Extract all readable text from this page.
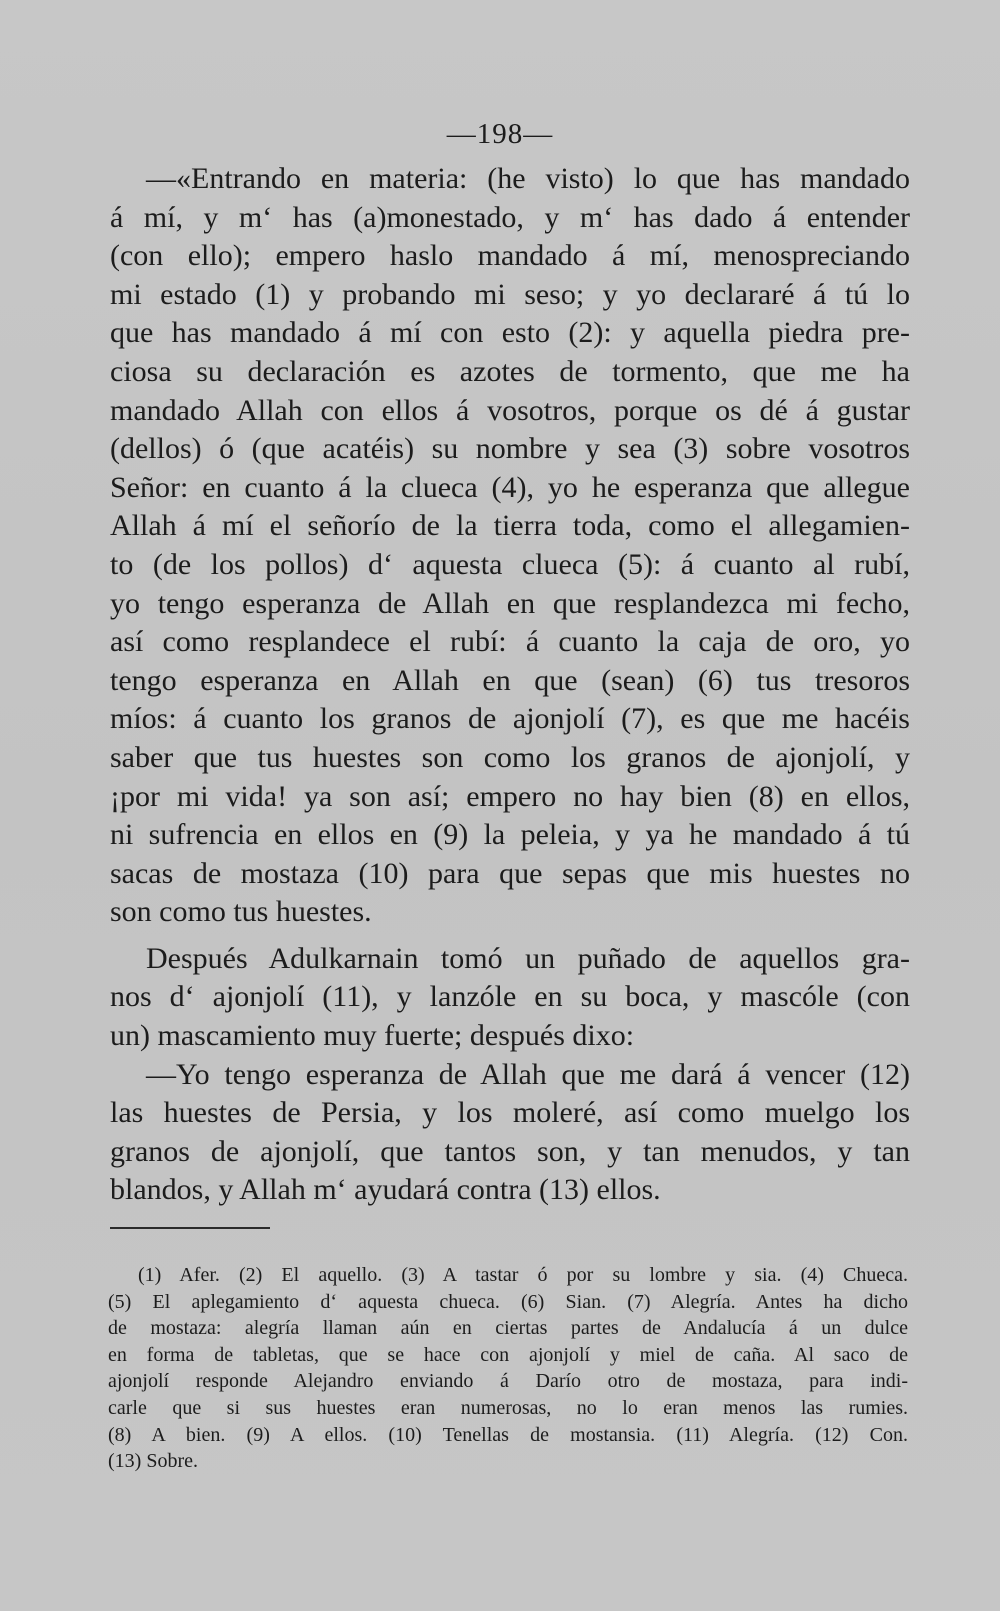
—198—
—«Entrando en materia: (he visto) lo que has mandado
á mí, y m‘ has (a)monestado, y m‘ has dado á entender
(con ello); empero haslo mandado á mí, menospreciando
mi estado (1) y probando mi seso; y yo declararé á tú lo
que has mandado á mí con esto (2): y aquella piedra pre-
ciosa su declaración es azotes de tormento, que me ha
mandado Allah con ellos á vosotros, porque os dé á gustar
(dellos) ó (que acatéis) su nombre y sea (3) sobre vosotros
Señor: en cuanto á la clueca (4), yo he esperanza que allegue
Allah á mí el señorío de la tierra toda, como el allegamien-
to (de los pollos) d‘ aquesta clueca (5): á cuanto al rubí,
yo tengo esperanza de Allah en que resplandezca mi fecho,
así como resplandece el rubí: á cuanto la caja de oro, yo
tengo esperanza en Allah en que (sean) (6) tus tresoros
míos: á cuanto los granos de ajonjolí (7), es que me hacéis
saber que tus huestes son como los granos de ajonjolí, y
¡por mi vida! ya son así; empero no hay bien (8) en ellos,
ni sufrencia en ellos en (9) la peleia, y ya he mandado á tú
sacas de mostaza (10) para que sepas que mis huestes no
son como tus huestes.
Después Adulkarnain tomó un puñado de aquellos gra-
nos d‘ ajonjolí (11), y lanzóle en su boca, y mascóle (con
un) mascamiento muy fuerte; después dixo:
—Yo tengo esperanza de Allah que me dará á vencer (12)
las huestes de Persia, y los moleré, así como muelgo los
granos de ajonjolí, que tantos son, y tan menudos, y tan
blandos, y Allah m‘ ayudará contra (13) ellos.
(1) Afer. (2) El aquello. (3) A tastar ó por su lombre y sia. (4) Chueca.
(5) El aplegamiento d‘ aquesta chueca. (6) Sian. (7) Alegría. Antes ha dicho
de mostaza: alegría llaman aún en ciertas partes de Andalucía á un dulce
en forma de tabletas, que se hace con ajonjolí y miel de caña. Al saco de
ajonjolí responde Alejandro enviando á Darío otro de mostaza, para indi-
carle que si sus huestes eran numerosas, no lo eran menos las rumies.
(8) A bien. (9) A ellos. (10) Tenellas de mostansia. (11) Alegría. (12) Con.
(13) Sobre.
